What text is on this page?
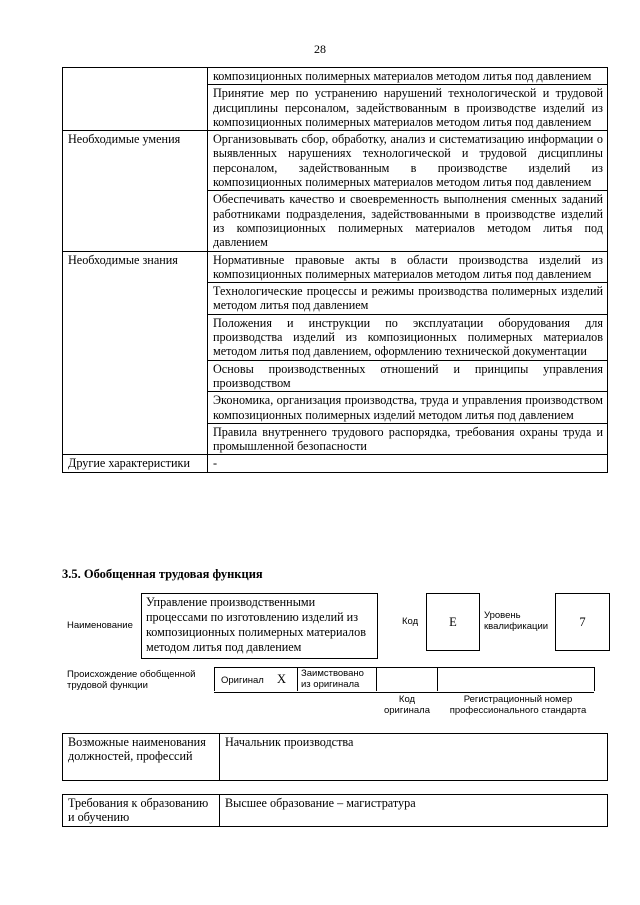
28
	композиционных полимерных материалов методом литья под давлением
	Принятие мер по устранению нарушений технологической и трудовой дисциплины персоналом, задействованным в производстве изделий из композиционных полимерных материалов методом литья под давлением
Необходимые умения	Организовывать сбор, обработку, анализ и систематизацию информации о выявленных нарушениях технологической и трудовой дисциплины персоналом, задействованным в производстве изделий из композиционных полимерных материалов методом литья под давлением
	Обеспечивать качество и своевременность выполнения сменных заданий работниками подразделения, задействованными в производстве изделий из композиционных полимерных материалов методом литья под давлением
Необходимые знания	Нормативные правовые акты в области производства изделий из композиционных полимерных материалов методом литья под давлением
	Технологические процессы и режимы производства полимерных изделий методом литья под давлением
	Положения и инструкции по эксплуатации оборудования для производства изделий из композиционных полимерных материалов методом литья под давлением, оформлению технической документации
	Основы производственных отношений и принципы управления производством
	Экономика, организация производства, труда и управления производством композиционных полимерных изделий методом литья под давлением
	Правила внутреннего трудового распорядка, требования охраны труда и промышленной безопасности
Другие характеристики	-
3.5. Обобщенная трудовая функция
Наименование
Управление производственными процессами по изготовлению изделий из композиционных полимерных материалов методом литья под давлением
Код	E	Уровень квалификации	7
Происхождение обобщенной трудовой функции	Оригинал X Заимствовано из оригинала
Код оригинала
Регистрационный номер профессионального стандарта
Возможные наименования должностей, профессий	Начальник производства
Требования к образованию и обучению	Высшее образование – магистратура
